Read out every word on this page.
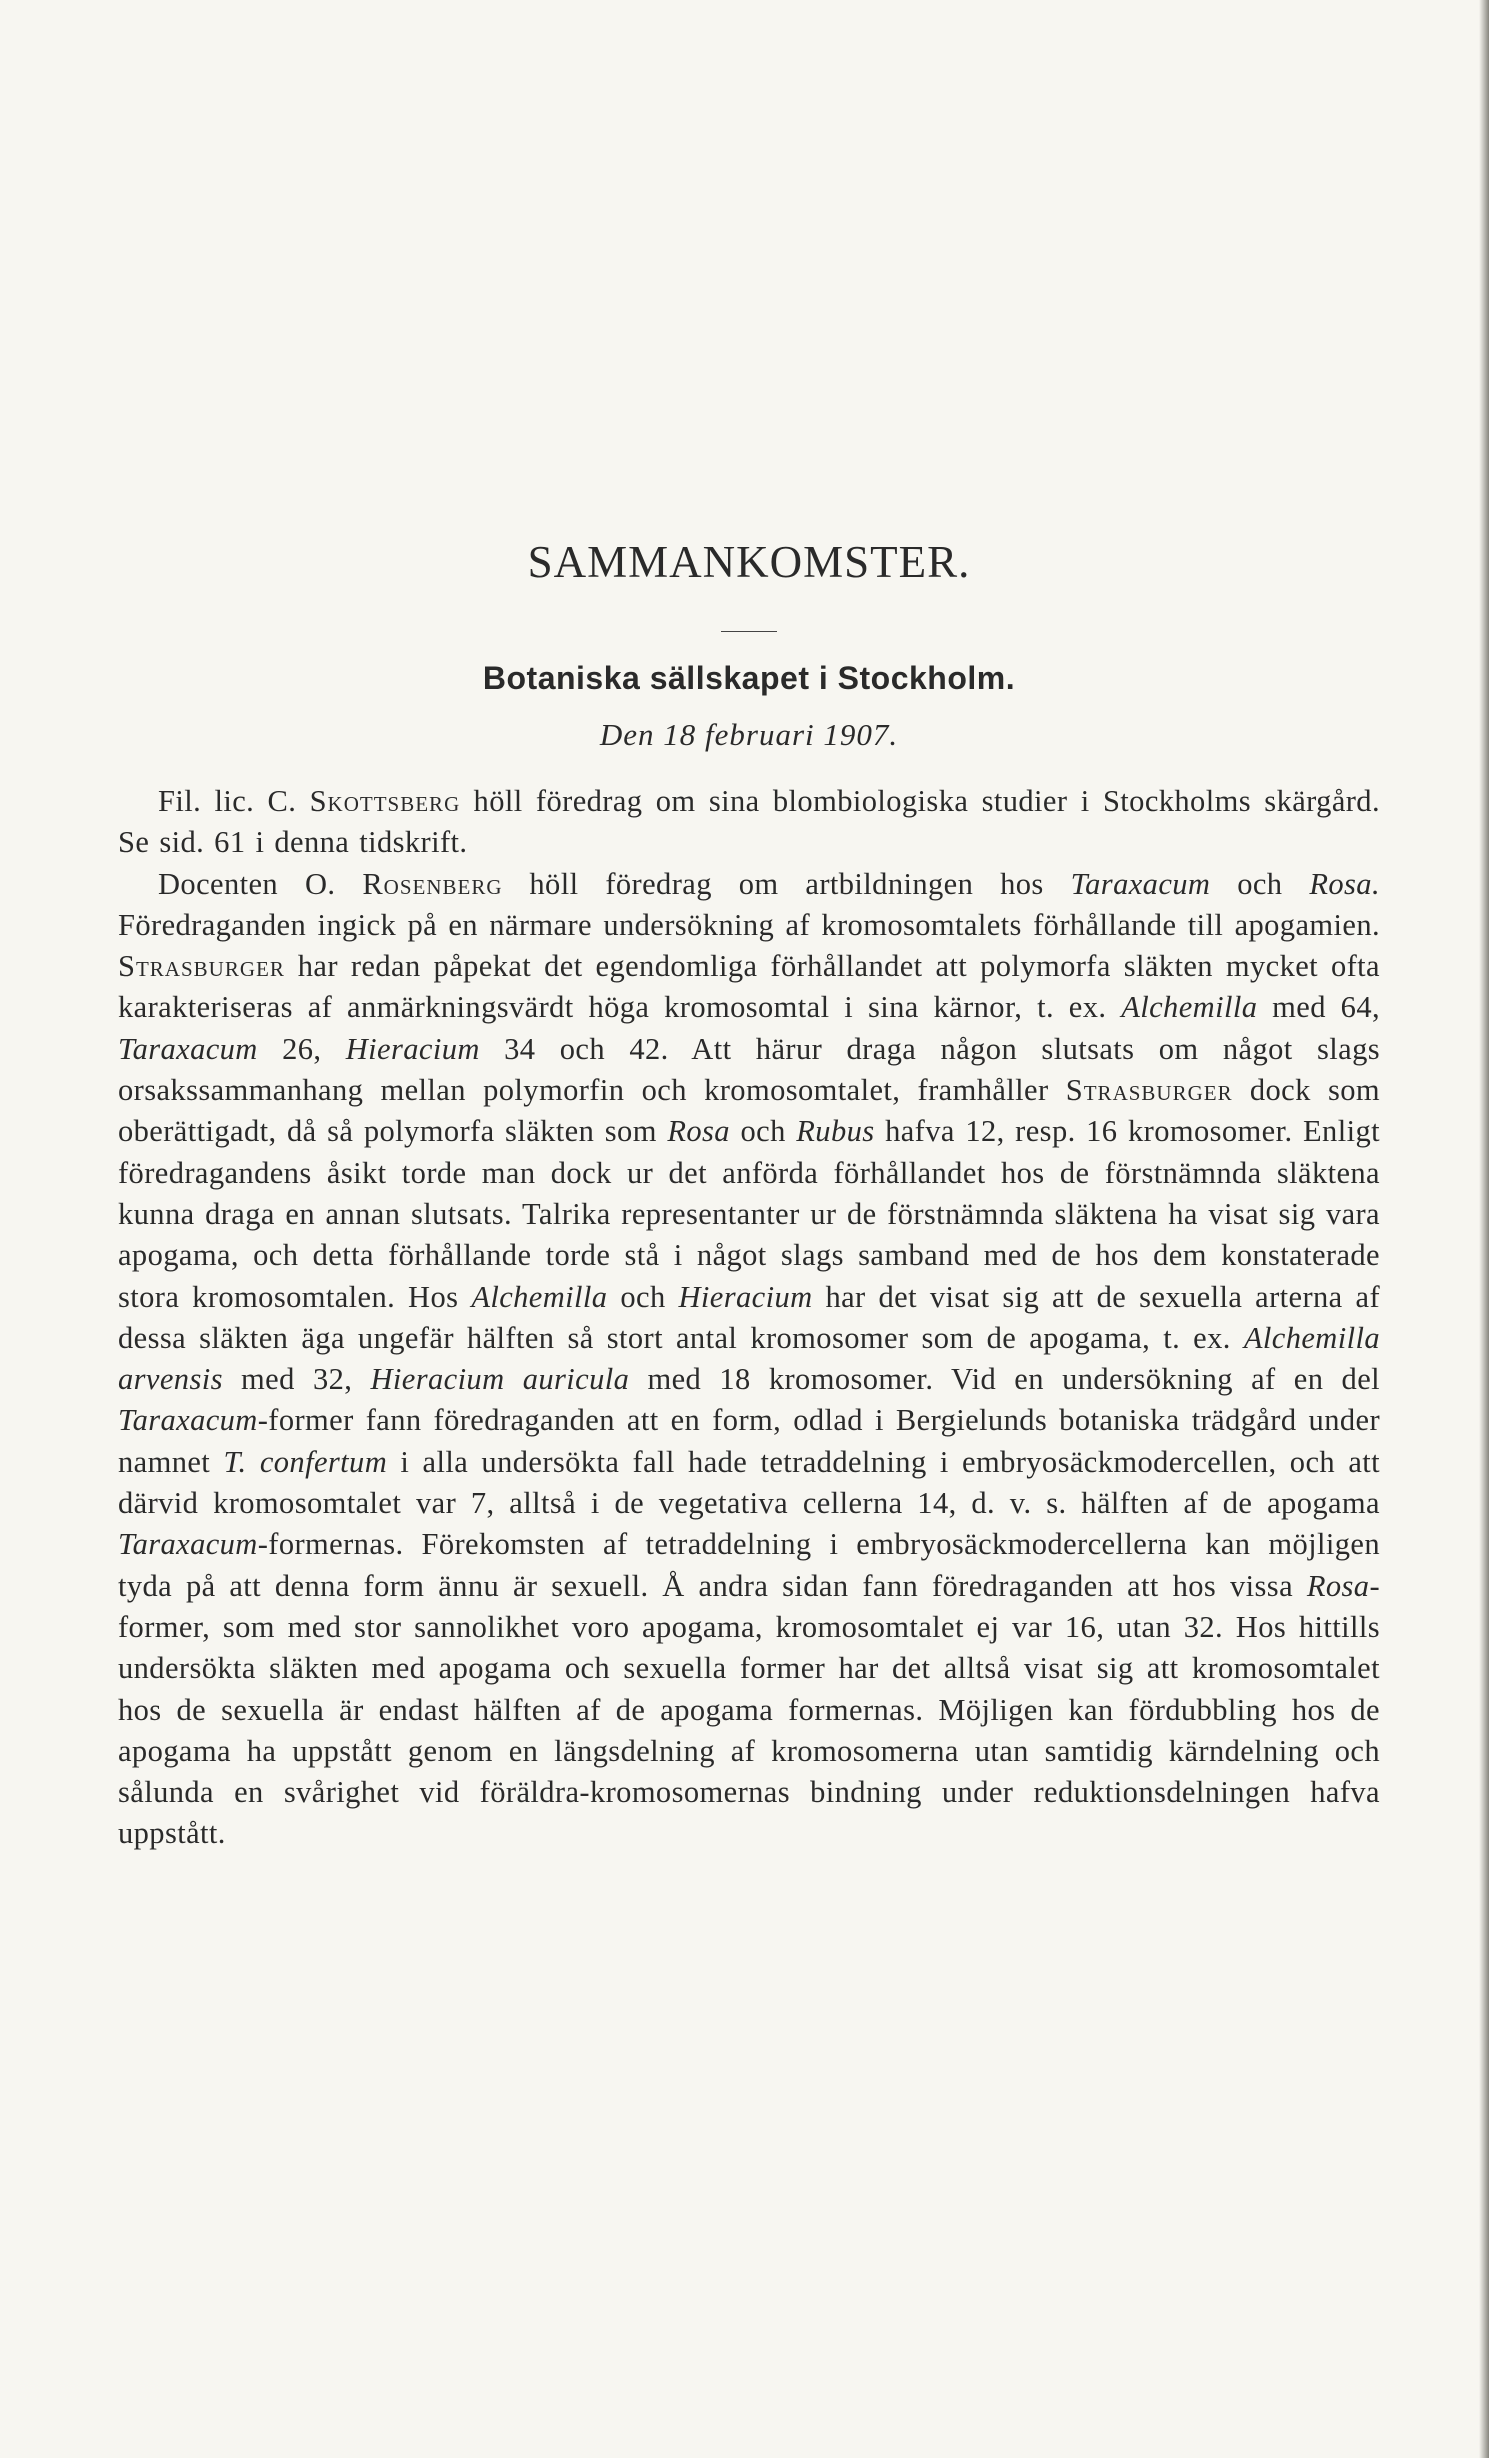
SAMMANKOMSTER.
Botaniska sällskapet i Stockholm.
Den 18 februari 1907.

Fil. lic. C. Skottsberg höll föredrag om sina blombiologiska studier i Stockholms skärgård. Se sid. 61 i denna tidskrift.

Docenten O. Rosenberg höll föredrag om artbildningen hos Taraxacum och Rosa. Föredraganden ingick på en närmare undersökning af kromosomtalets förhållande till apogamien. Strasburger har redan påpekat det egendomliga förhållandet att polymorfa släkten mycket ofta karakteriseras af anmärkningsvärdt höga kromosomtal i sina kärnor, t. ex. Alchemilla med 64, Taraxacum 26, Hieracium 34 och 42. Att härur draga någon slutsats om något slags orsakssammanhang mellan polymorfin och kromosomtalet, framhåller Strasburger dock som oberättigadt, då så polymorfa släkten som Rosa och Rubus hafva 12, resp. 16 kromosomer. Enligt föredragandens åsikt torde man dock ur det anförda förhållandet hos de förstnämnda släktena kunna draga en annan slutsats. Talrika representanter ur de förstnämnda släktena ha visat sig vara apogama, och detta förhållande torde stå i något slags samband med de hos dem konstaterade stora kromosomtalen. Hos Alchemilla och Hieracium har det visat sig att de sexuella arterna af dessa släkten äga ungefär hälften så stort antal kromosomer som de apogama, t. ex. Alchemilla arvensis med 32, Hieracium auricula med 18 kromosomer. Vid en undersökning af en del Taraxacum-former fann föredraganden att en form, odlad i Bergielunds botaniska trädgård under namnet T. confertum i alla undersökta fall hade tetraddelning i embryosäckmodercellen, och att därvid kromosomtalet var 7, alltså i de vegetativa cellerna 14, d. v. s. hälften af de apogama Taraxacum-formernas. Förekomsten af tetraddelning i embryosäckmodercellerna kan möjligen tyda på att denna form ännu är sexuell. Å andra sidan fann föredraganden att hos vissa Rosa-former, som med stor sannolikhet voro apogama, kromosomtalet ej var 16, utan 32. Hos hittills undersökta släkten med apogama och sexuella former har det alltså visat sig att kromosomtalet hos de sexuella är endast hälften af de apogama formernas. Möjligen kan fördubbling hos de apogama ha uppstått genom en längsdelning af kromosomerna utan samtidig kärndelning och sålunda en svårighet vid föräldra-kromosomernas bindning under reduktionsdelningen hafva uppstått.
